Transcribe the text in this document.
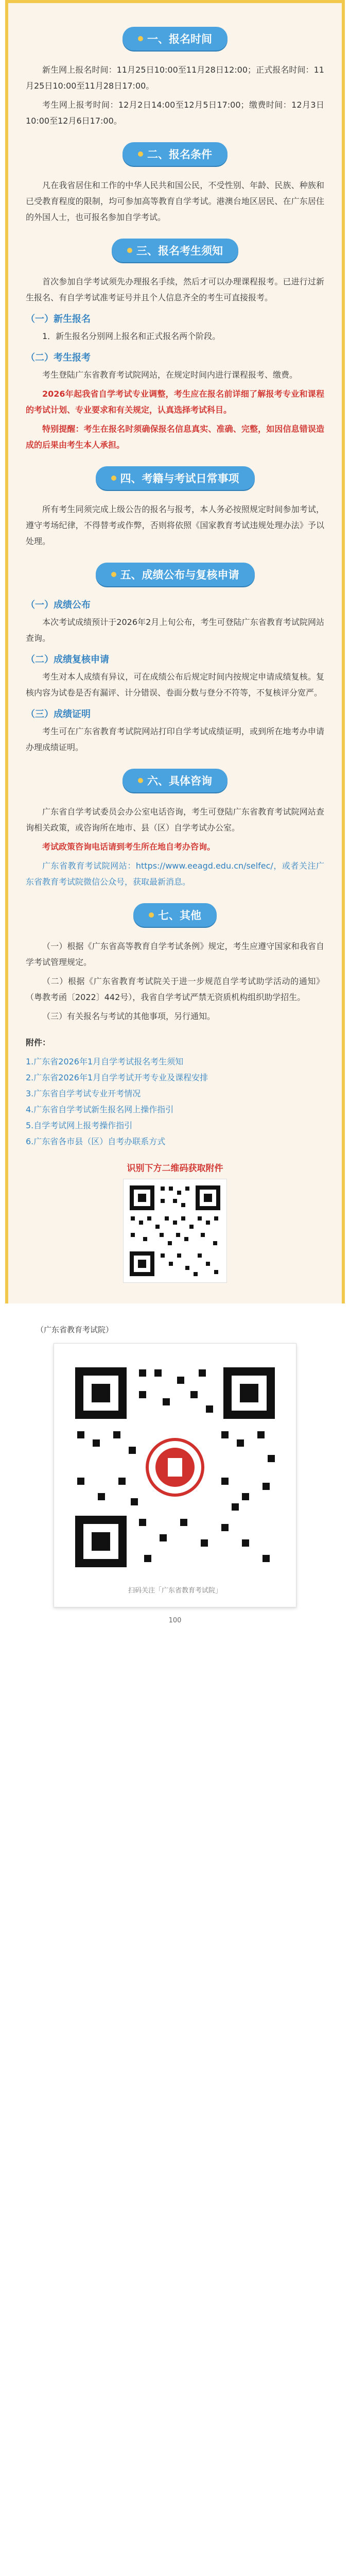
一、报名时间

新生网上报名时间：11月25日10:00至11月28日12:00；正式报名时间：11月25日10:00至11月28日17:00。

考生网上报考时间：12月2日14:00至12月5日17:00；缴费时间：12月3日10:00至12月6日17:00。

二、报名条件

凡在我省居住和工作的中华人民共和国公民，不受性别、年龄、民族、种族和已受教育程度的限制，均可参加高等教育自学考试。港澳台地区居民、在广东居住的外国人士，也可报名参加自学考试。

三、报名考生须知

首次参加自学考试须先办理报名手续，然后才可以办理课程报考。已进行过新生报名、有自学考试准考证号并且个人信息齐全的考生可直接报考。

（一）新生报名

1．新生报名分别网上报名和正式报名两个阶段。

（二）考生报考

考生登陆广东省教育考试院网站，在规定时间内进行课程报考、缴费。

2026年起我省自学考试专业调整，考生应在报名前详细了解报考专业和课程的考试计划、专业要求和有关规定，认真选择考试科目。

特别提醒：考生在报名时须确保报名信息真实、准确、完整，如因信息错误造成的后果由考生本人承担。

四、考籍与考试日常事项

所有考生同须完成上级公告的报名与报考，本人务必按照规定时间参加考试，遵守考场纪律，不得替考或作弊，否则将依照《国家教育考试违规处理办法》予以处理。

五、成绩公布与复核申请
（一）成绩公布

本次考试成绩预计于2026年2月上旬公布，考生可登陆广东省教育考试院网站查询。

（二）成绩复核申请

考生对本人成绩有异议，可在成绩公布后规定时间内按规定申请成绩复核。复核内容为试卷是否有漏评、计分错误、卷面分数与登分不符等，不复核评分宽严。

（三）成绩证明

考生可在广东省教育考试院网站打印自学考试成绩证明，或到所在地考办申请办理成绩证明。

六、具体咨询

广东省自学考试委员会办公室电话咨询，考生可登陆广东省教育考试院网站查询相关政策，或咨询所在地市、县（区）自学考试办公室。

考试政策咨询电话请到考生所在地自考办咨询。

广东省教育考试院网站：https://www.eeagd.edu.cn/selfec/，或者关注广东省教育考试院微信公众号，获取最新消息。

七、其他

（一）根据《广东省高等教育自学考试条例》规定，考生应遵守国家和我省自学考试管理规定。

（二）根据《广东省教育考试院关于进一步规范自学考试助学活动的通知》（粤教考函〔2022〕442号），我省自学考试严禁无资质机构组织助学招生。

（三）有关报名与考试的其他事项，另行通知。

附件：

1.广东省2026年1月自学考试报名考生须知

2.广东省2026年1月自学考试开考专业及课程安排

3.广东省自学考试专业开考情况

4.广东省自学考试新生报名网上操作指引

5.自学考试网上报考操作指引

6.广东省各市县（区）自考办联系方式

识别下方二维码获取附件
（广东省教育考试院）
扫码关注「广东省教育考试院」
100
